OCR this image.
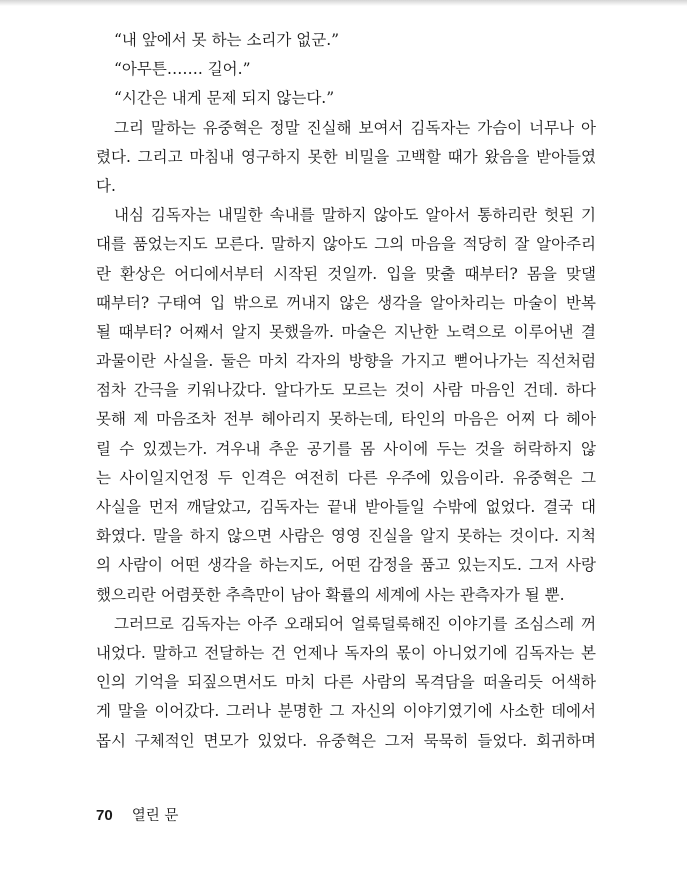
“내 앞에서 못 하는 소리가 없군.”
“아무튼……. 길어.”
“시간은 내게 문제 되지 않는다.”
그리 말하는 유중혁은 정말 진실해 보여서 김독자는 가슴이 너무나 아
렸다. 그리고 마침내 영구하지 못한 비밀을 고백할 때가 왔음을 받아들였
다.
내심 김독자는 내밀한 속내를 말하지 않아도 알아서 통하리란 헛된 기
대를 품었는지도 모른다. 말하지 않아도 그의 마음을 적당히 잘 알아주리
란 환상은 어디에서부터 시작된 것일까. 입을 맞출 때부터? 몸을 맞댈
때부터? 구태여 입 밖으로 꺼내지 않은 생각을 알아차리는 마술이 반복
될 때부터? 어째서 알지 못했을까. 마술은 지난한 노력으로 이루어낸 결
과물이란 사실을. 둘은 마치 각자의 방향을 가지고 뻗어나가는 직선처럼
점차 간극을 키워나갔다. 알다가도 모르는 것이 사람 마음인 건데. 하다
못해 제 마음조차 전부 헤아리지 못하는데, 타인의 마음은 어찌 다 헤아
릴 수 있겠는가. 겨우내 추운 공기를 몸 사이에 두는 것을 허락하지 않
는 사이일지언정 두 인격은 여전히 다른 우주에 있음이라. 유중혁은 그
사실을 먼저 깨달았고, 김독자는 끝내 받아들일 수밖에 없었다. 결국 대
화였다. 말을 하지 않으면 사람은 영영 진실을 알지 못하는 것이다. 지척
의 사람이 어떤 생각을 하는지도, 어떤 감정을 품고 있는지도. 그저 사랑
했으리란 어렴풋한 추측만이 남아 확률의 세계에 사는 관측자가 될 뿐.
그러므로 김독자는 아주 오래되어 얼룩덜룩해진 이야기를 조심스레 꺼
내었다. 말하고 전달하는 건 언제나 독자의 몫이 아니었기에 김독자는 본
인의 기억을 되짚으면서도 마치 다른 사람의 목격담을 떠올리듯 어색하
게 말을 이어갔다. 그러나 분명한 그 자신의 이야기였기에 사소한 데에서
몹시 구체적인 면모가 있었다. 유중혁은 그저 묵묵히 들었다. 회귀하며
70 열린 문
